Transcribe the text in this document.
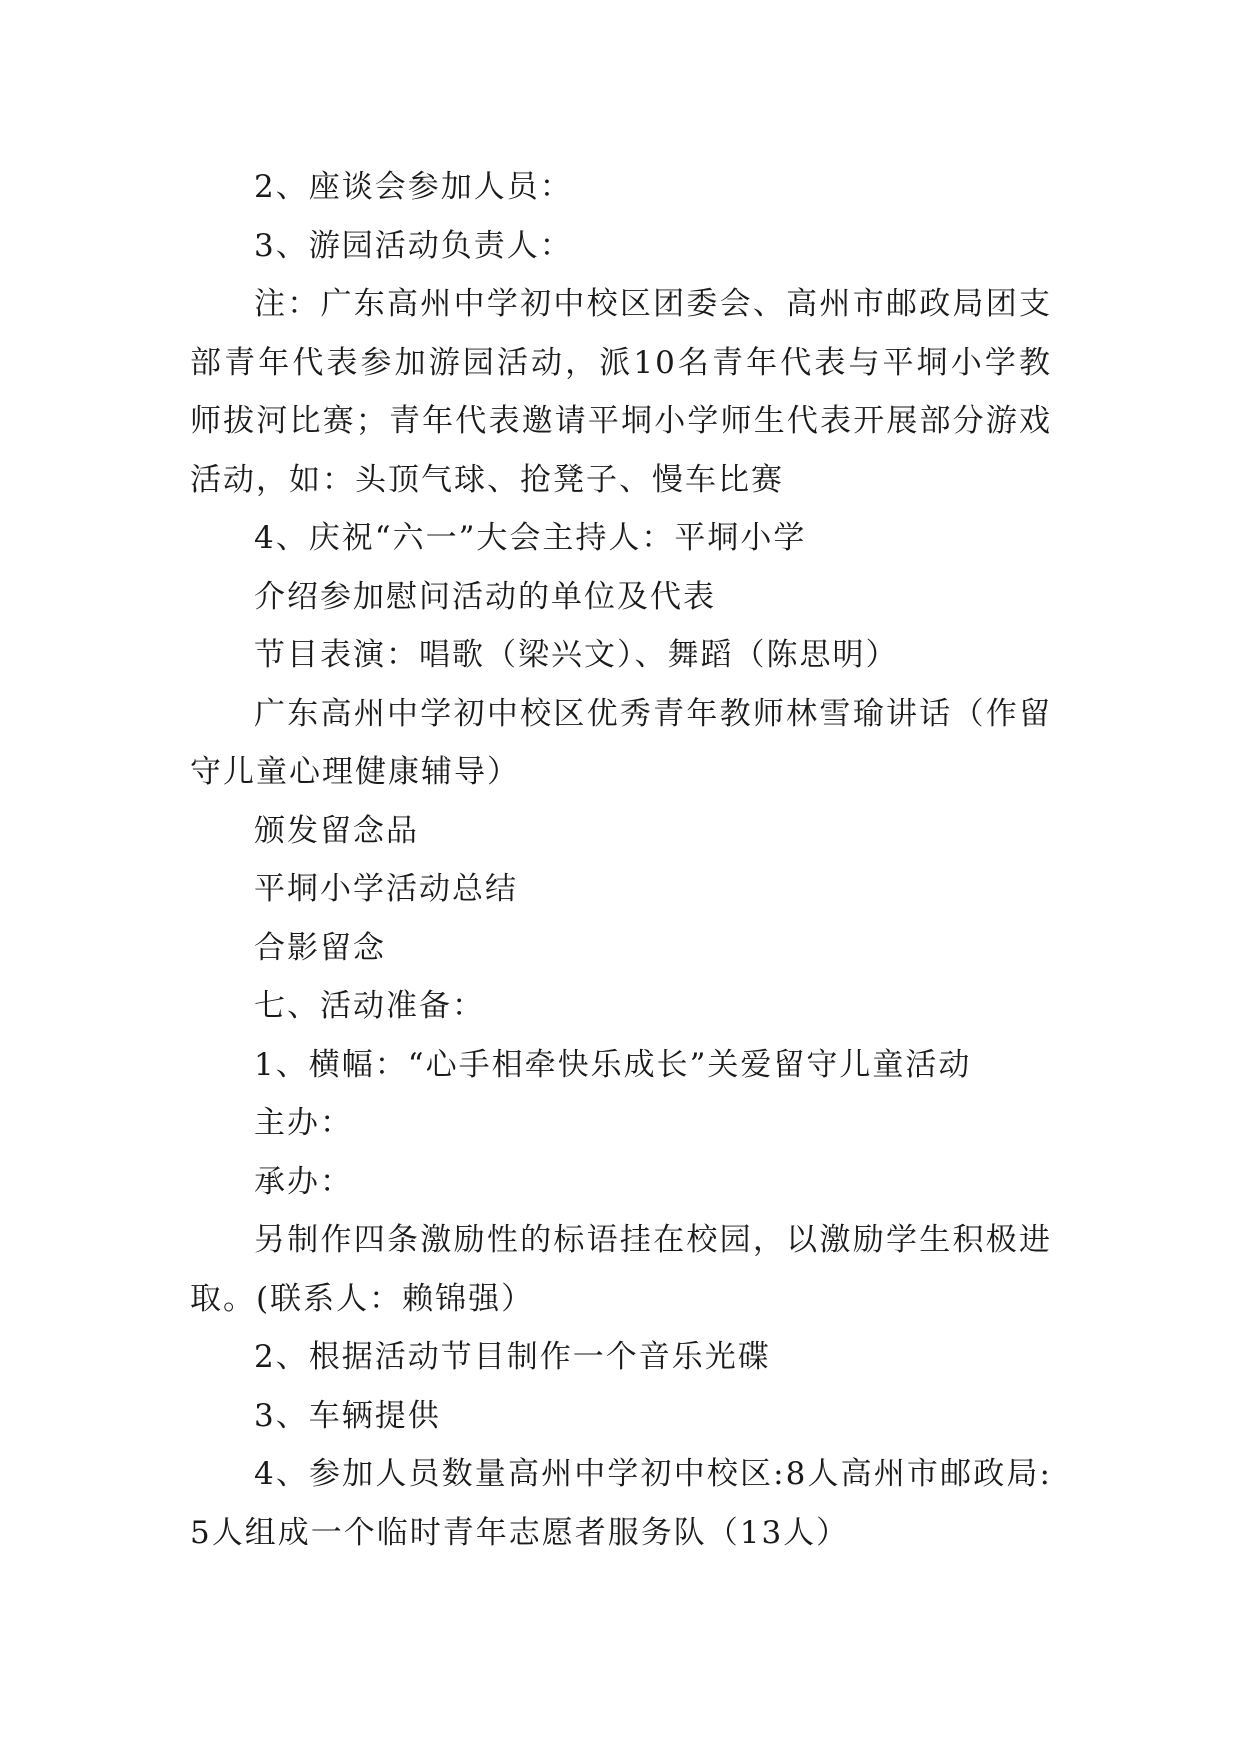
2、座谈会参加人员：

3、游园活动负责人：

注：广东高州中学初中校区团委会、高州市邮政局团支部青年代表参加游园活动，派10名青年代表与平垌小学教师拔河比赛；青年代表邀请平垌小学师生代表开展部分游戏活动，如：头顶气球、抢凳子、慢车比赛

4、庆祝“六一”大会主持人：平垌小学

介绍参加慰问活动的单位及代表

节目表演：唱歌（梁兴文）、舞蹈（陈思明）

广东高州中学初中校区优秀青年教师林雪瑜讲话（作留守儿童心理健康辅导）

颁发留念品

平垌小学活动总结

合影留念

七、活动准备：

1、横幅：“心手相牵快乐成长”关爱留守儿童活动

主办：

承办：

另制作四条激励性的标语挂在校园，以激励学生积极进取。(联系人：赖锦强）

2、根据活动节目制作一个音乐光碟

3、车辆提供

4、参加人员数量高州中学初中校区:8人高州市邮政局:5人组成一个临时青年志愿者服务队（13人）
